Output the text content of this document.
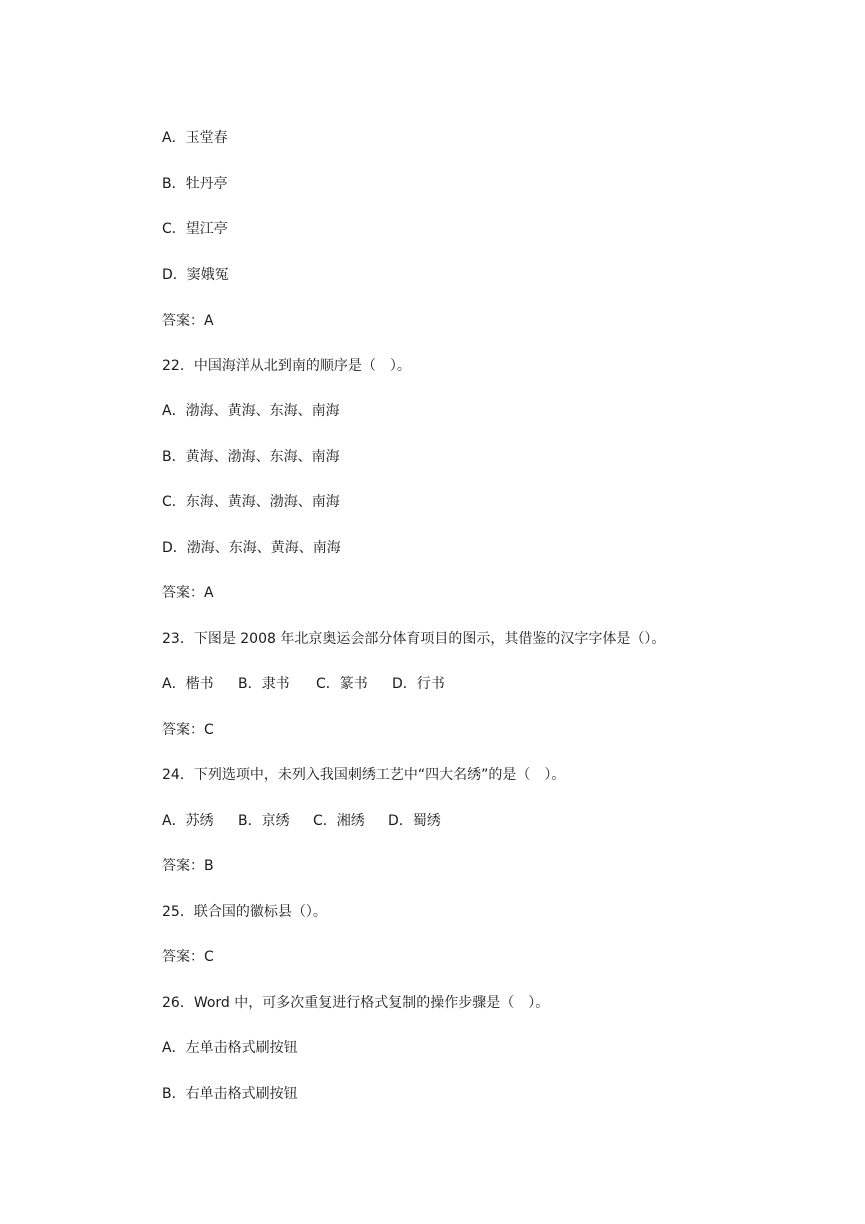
A．玉堂春
B．牡丹亭
C．望江亭
D．窦娥冤
答案：A
22．中国海洋从北到南的顺序是（　）。
A．渤海、黄海、东海、南海
B．黄海、渤海、东海、南海
C．东海、黄海、渤海、南海
D．渤海、东海、黄海、南海
答案：A
23．下图是 2008 年北京奥运会部分体育项目的图示，其借鉴的汉字字体是（）。
A．楷书 B．隶书 C．篆书 D．行书
答案：C
24．下列选项中，未列入我国刺绣工艺中“四大名绣”的是（　）。
A．苏绣 B．京绣 C．湘绣 D．蜀绣
答案：B
25．联合国的徽标县（）。
答案：C
26．Word 中，可多次重复进行格式复制的操作步骤是（　）。
A．左单击格式刷按钮
B．右单击格式刷按钮
